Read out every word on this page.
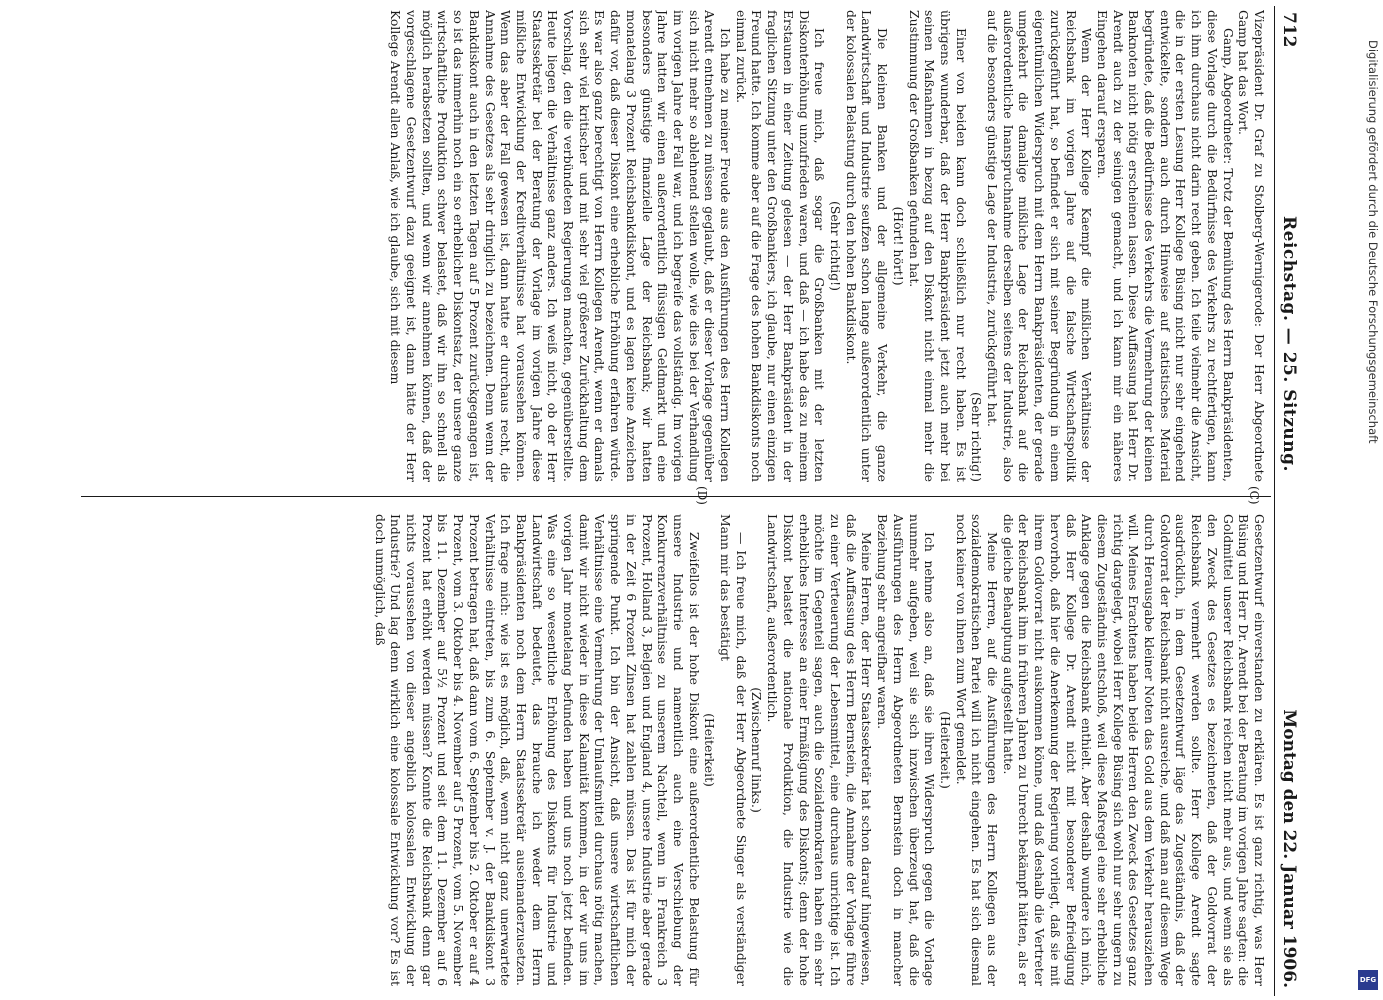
712
Reichstag. — 25. Sitzung.
Montag den 22. Januar 1906.

Vizepräsident Dr. Graf zu Stolberg-Wernigerode: Der Herr Abgeordnete Gamp hat das Wort.

Gamp, Abgeordneter: Trotz der Bemühung des Herrn Bankpräsidenten, diese Vorlage durch die Bedürfnisse des Verkehrs zu rechtfertigen, kann ich ihm durchaus nicht darin recht geben. Ich teile vielmehr die Ansicht, die in der ersten Lesung Herr Kollege Büsing nicht nur sehr eingehend entwickelte, sondern auch durch Hinweise auf statistisches Material begründete, daß die Bedürfnisse des Verkehrs die Vermehrung der kleinen Banknoten nicht nötig erscheinen lassen. Diese Auffassung hat Herr Dr. Arendt auch zu der seinigen gemacht, und ich kann mir ein näheres Eingehen darauf ersparen.

Wenn der Herr Kollege Kaempf die mißlichen Verhältnisse der Reichsbank im vorigen Jahre auf die falsche Wirtschaftspolitik zurückgeführt hat, so befindet er sich mit seiner Begründung in einem eigentümlichen Widerspruch mit dem Herrn Bankpräsidenten, der gerade umgekehrt die damalige mißliche Lage der Reichsbank auf die außerordentliche Inanspruchnahme derselben seitens der Industrie, also auf die besonders günstige Lage der Industrie, zurückgeführt hat.

(Sehr richtig!)

Einer von beiden kann doch schließlich nur recht haben. Es ist übrigens wunderbar, daß der Herr Bankpräsident jetzt auch mehr bei seinen Maßnahmen in bezug auf den Diskont nicht einmal mehr die Zustimmung der Großbanken gefunden hat.

(Hört! hört!)

Die kleinen Banken und der allgemeine Verkehr, die ganze Landwirtschaft und Industrie seufzen schon lange außerordentlich unter der kolossalen Belastung durch den hohen Bankdiskont.

(Sehr richtig!)

Ich freue mich, daß sogar die Großbanken mit der letzten Diskonterhöhung unzufrieden waren, und daß — ich habe das zu meinem Erstaunen in einer Zeitung gelesen — der Herr Bankpräsident in der fraglichen Sitzung unter den Großbankiers, ich glaube, nur einen einzigen Freund hatte. Ich komme aber auf die Frage des hohen Bankdiskonts noch einmal zurück.

Ich habe zu meiner Freude aus den Ausführungen des Herrn Kollegen Arendt entnehmen zu müssen geglaubt, daß er dieser Vorlage gegenüber sich nicht mehr so ablehnend stellen wolle, wie dies bei der Verhandlung im vorigen Jahre der Fall war, und ich begreife das vollständig. Im vorigen Jahre hatten wir einen außerordentlich flüssigen Geldmarkt und eine besonders günstige finanzielle Lage der Reichsbank; wir hatten monatelang 3 Prozent Reichsbankdiskont, und es lagen keine Anzeichen dafür vor, daß dieser Diskont eine erhebliche Erhöhung erfahren würde. Es war also ganz berechtigt von Herrn Kollegen Arendt, wenn er damals sich sehr viel kritischer und mit sehr viel größerer Zurückhaltung dem Vorschlag, den die verbündeten Regierungen machten, gegenüberstellte. Heute liegen die Verhältnisse ganz anders. Ich weiß nicht, ob der Herr Staatssekretär bei der Beratung der Vorlage im vorigen Jahre diese mißliche Entwicklung der Kreditverhältnisse hat voraussehen können. Wenn das aber der Fall gewesen ist, dann hatte er durchaus recht, die Annahme des Gesetzes als sehr dringlich zu bezeichnen. Denn wenn der Bankdiskont auch in den letzten Tagen auf 5 Prozent zurückgegangen ist, so ist das immerhin noch ein so erheblicher Diskontsatz, der unsere ganze wirtschaftliche Produktion schwer belastet, daß wir ihn so schnell als möglich herabsetzen sollten, und wenn wir annehmen können, daß der vorgeschlagene Gesetzentwurf dazu geeignet ist, dann hätte der Herr Kollege Arendt allen Anlaß, wie ich glaube, sich mit diesem

Gesetzentwurf einverstanden zu erklären. Es ist ganz richtig, was Herr Büsing und Herr Dr. Arendt bei der Beratung im vorigen Jahre sagten: die Goldmittel unserer Reichsbank reichen nicht mehr aus, und wenn sie als den Zweck des Gesetzes es bezeichneten, daß der Goldvorrat der Reichsbank vermehrt werden sollte. Herr Kollege Arendt sagte ausdrücklich, in dem Gesetzentwurf läge das Zugeständnis, daß der Goldvorrat der Reichsbank nicht ausreiche, und daß man auf diesem Wege durch Herausgabe kleiner Noten das Gold aus dem Verkehr herausziehen will. Meines Erachtens haben beide Herren den Zweck des Gesetzes ganz richtig dargelegt, wobei Herr Kollege Büsing sich wohl nur sehr ungern zu diesem Zugeständnis entschloß, weil diese Maßregel eine sehr erhebliche Anklage gegen die Reichsbank enthielt. Aber deshalb wundere ich mich, daß Herr Kollege Dr. Arendt nicht mit besonderer Befriedigung hervorhob, daß hier die Anerkennung der Regierung vorliegt, daß sie mit ihrem Goldvorrat nicht auskommen könne, und daß deshalb die Vertreter der Reichsbank ihm in früheren Jahren zu Unrecht bekämpft hätten, als er die gleiche Behauptung aufgestellt hatte.

Meine Herren, auf die Ausführungen des Herrn Kollegen aus der sozialdemokratischen Partei will ich nicht eingehen. Es hat sich diesmal noch keiner von ihnen zum Wort gemeldet.

(Heiterkeit.)

Ich nehme also an, daß sie ihren Widerspruch gegen die Vorlage nunmehr aufgeben, weil sie sich inzwischen überzeugt hat, daß die Ausführungen des Herrn Abgeordneten Bernstein doch in mancher Beziehung sehr angreifbar waren.

Meine Herren, der Herr Staatssekretär hat schon darauf hingewiesen, daß die Auffassung des Herrn Bernstein, die Annahme der Vorlage führe zu einer Verteuerung der Lebensmittel, eine durchaus unrichtige ist. Ich möchte im Gegenteil sagen, auch die Sozialdemokraten haben ein sehr erhebliches Interesse an einer Ermäßigung des Diskonts; denn der hohe Diskont belastet die nationale Produktion, die Industrie wie die Landwirtschaft, außerordentlich.

(Zwischenruf links.)

— Ich freue mich, daß der Herr Abgeordnete Singer als verständiger Mann mir das bestätigt

(Heiterkeit)

Zweifellos ist der hohe Diskont eine außerordentliche Belastung für unsere Industrie und namentlich auch eine Verschiebung der Konkurrenzverhältnisse zu unserem Nachteil, wenn in Frankreich 3 Prozent, Holland 3, Belgien und England 4, unsere Industrie aber gerade in der Zeit 6 Prozent Zinsen hat zahlen müssen. Das ist für mich der springende Punkt. Ich bin der Ansicht, daß unsere wirtschaftlichen Verhältnisse eine Vermehrung der Umlaufsmittel durchaus nötig machen, damit wir nicht wieder in diese Kalamität kommen, in der wir uns im vorigen Jahr monatelang befunden haben und uns noch jetzt befinden. Was eine so wesentliche Erhöhung des Diskonts für Industrie und Landwirtschaft bedeutet, das brauche ich weder dem Herrn Bankpräsidenten noch dem Herrn Staatssekretär auseinanderzusetzen. Ich frage mich: wie ist es möglich, daß, wenn nicht ganz unerwartete Verhältnisse eintreten, bis zum 6. September v. J. der Bankdiskont 3 Prozent betragen hat, daß dann vom 6. September bis 2. Oktober er auf 4 Prozent, vom 3. Oktober bis 4. November auf 5 Prozent, vom 5. November bis 11. Dezember auf 5½ Prozent und seit dem 11. Dezember auf 6 Prozent hat erhöht werden müssen? Konnte die Reichsbank denn gar nichts voraussehen von dieser angeblich kolossalen Entwicklung der Industrie? Und lag denn wirklich eine kolossale Entwicklung vor? Es ist doch unmöglich, daß

(C)
(D)
Digitalisierung gefördert durch die Deutsche Forschungsgemeinschaft
DFG
